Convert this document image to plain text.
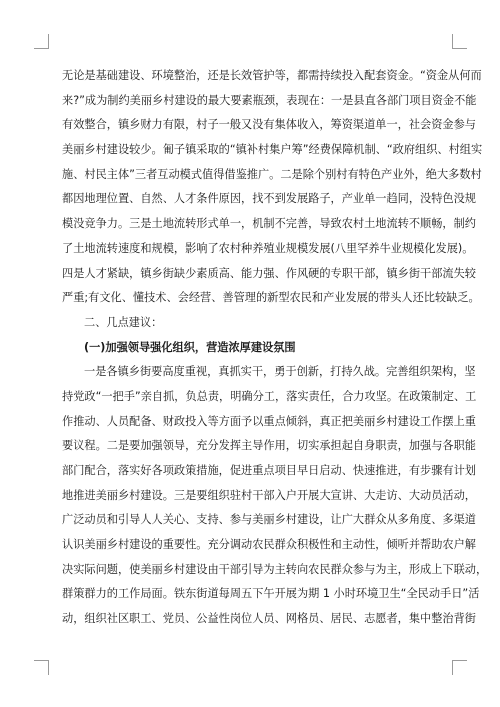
无论是基础建设、环境整治，还是长效管护等，都需持续投入配套资金。“资金从何而
来?”成为制约美丽乡村建设的最大要素瓶颈，表现在：一是县直各部门项目资金不能
有效整合，镇乡财力有限，村子一般又没有集体收入，筹资渠道单一，社会资金参与
美丽乡村建设较少。匍子镇采取的“镇补村集户筹”经费保障机制、“政府组织、村组实
施、村民主体”三者互动模式值得借鉴推广。二是除个别村有特色产业外，绝大多数村
都因地理位置、自然、人才条件原因，找不到发展路子，产业单一趋同，没特色没规
模没竞争力。三是土地流转形式单一，机制不完善，导致农村土地流转不顺畅，制约
了土地流转速度和规模，影响了农村种养殖业规模发展(八里罕养牛业规模化发展)。
四是人才紧缺，镇乡街缺少素质高、能力强、作风硬的专职干部，镇乡街干部流失较
严重;有文化、懂技术、会经营、善管理的新型农民和产业发展的带头人还比较缺乏。
二、几点建议：
(一)加强领导强化组织，营造浓厚建设氛围
一是各镇乡街要高度重视，真抓实干，勇于创新，打持久战。完善组织架构，坚
持党政“一把手”亲自抓，负总责，明确分工，落实责任，合力攻坚。在政策制定、工
作推动、人员配备、财政投入等方面予以重点倾斜，真正把美丽乡村建设工作摆上重
要议程。二是要加强领导，充分发挥主导作用，切实承担起自身职责，加强与各职能
部门配合，落实好各项政策措施，促进重点项目早日启动、快速推进，有步骤有计划
地推进美丽乡村建设。三是要组织驻村干部入户开展大宣讲、大走访、大动员活动，
广泛动员和引导人人关心、支持、参与美丽乡村建设，让广大群众从多角度、多渠道
认识美丽乡村建设的重要性。充分调动农民群众积极性和主动性，倾听并帮助农户解
决实际问题，使美丽乡村建设由干部引导为主转向农民群众参与为主，形成上下联动，
群策群力的工作局面。铁东街道每周五下午开展为期 1 小时环境卫生“全民动手日”活
动，组织社区职工、党员、公益性岗位人员、网格员、居民、志愿者，集中整治背街
